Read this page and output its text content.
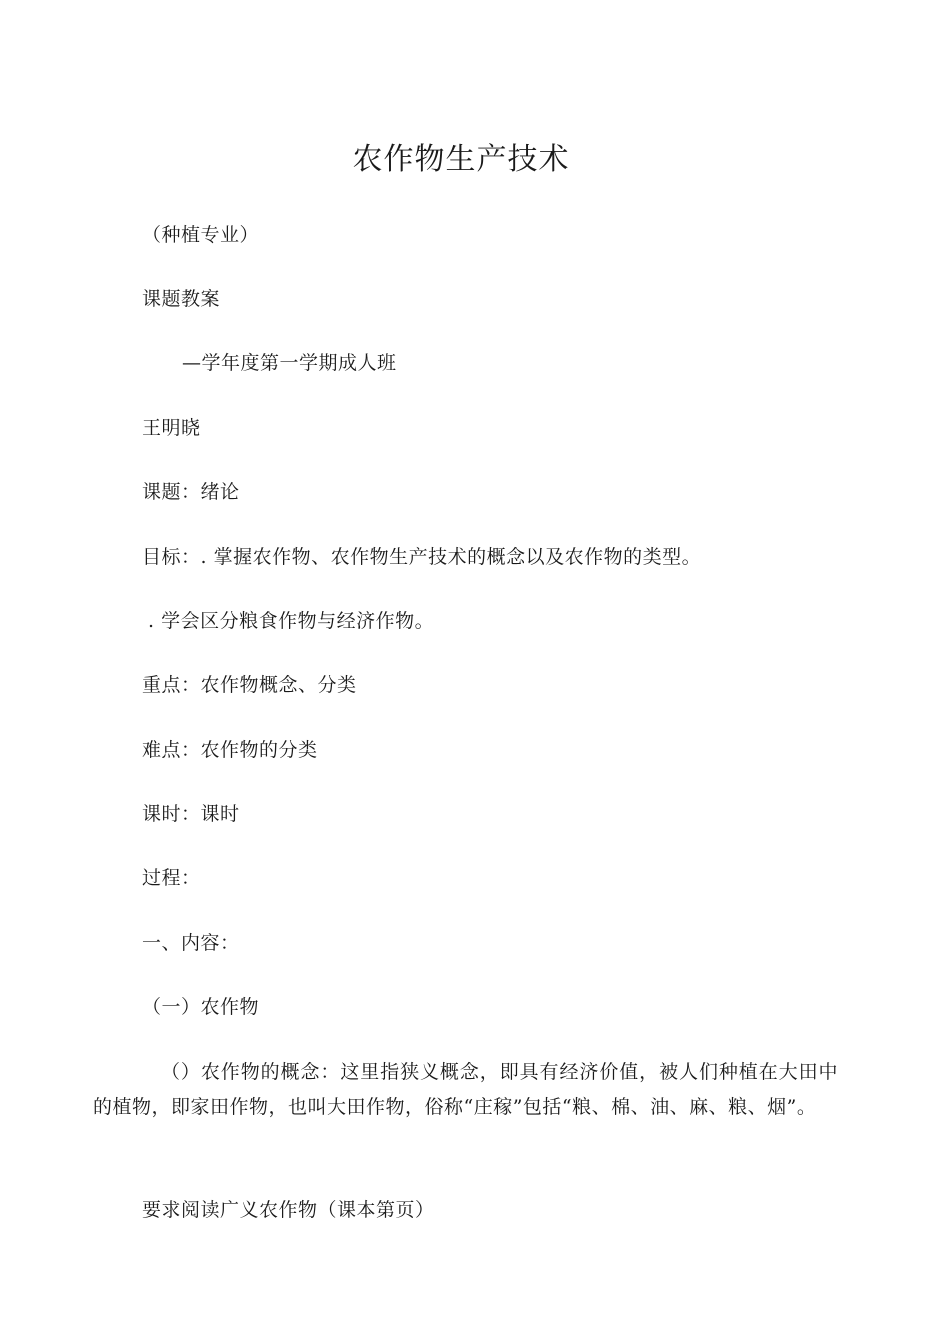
农作物生产技术
（种植专业）
课题教案
—学年度第一学期成人班
王明晓
课题：绪论
目标：. 掌握农作物、农作物生产技术的概念以及农作物的类型。
. 学会区分粮食作物与经济作物。
重点：农作物概念、分类
难点：农作物的分类
课时：课时
过程：
一、内容：
（一）农作物
（）农作物的概念：这里指狭义概念，即具有经济价值，被人们种植在大田中的植物，即家田作物，也叫大田作物，俗称“庄稼”包括“粮、棉、油、麻、粮、烟”。
要求阅读广义农作物（课本第页）
